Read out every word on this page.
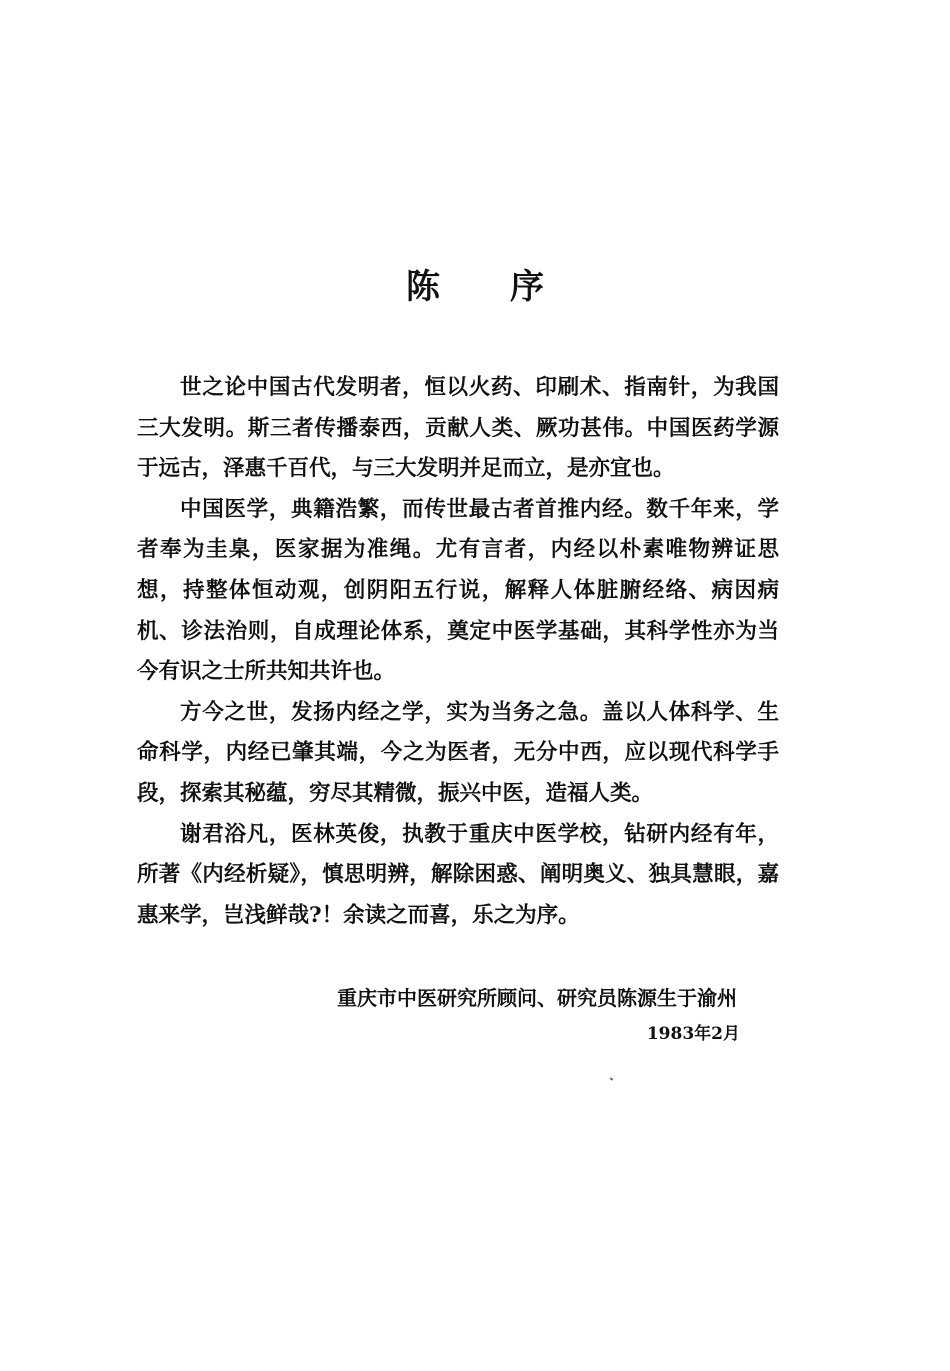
陈 序

世之论中国古代发明者，恒以火药、印刷术、指南针，为我国三大发明。斯三者传播泰西，贡献人类、厥功甚伟。中国医药学源于远古，泽惠千百代，与三大发明并足而立，是亦宜也。

中国医学，典籍浩繁，而传世最古者首推内经。数千年来，学者奉为圭臬，医家据为准绳。尤有言者，内经以朴素唯物辨证思想，持整体恒动观，创阴阳五行说，解释人体脏腑经络、病因病机、诊法治则，自成理论体系，奠定中医学基础，其科学性亦为当今有识之士所共知共许也。

方今之世，发扬内经之学，实为当务之急。盖以人体科学、生命科学，内经已肇其端，今之为医者，无分中西，应以现代科学手段，探索其秘蕴，穷尽其精微，振兴中医，造福人类。

谢君浴凡，医林英俊，执教于重庆中医学校，钻研内经有年，所著《内经析疑》，慎思明辨，解除困惑、阐明奥义、独具慧眼，嘉惠来学，岂浅鲜哉?！余读之而喜，乐之为序。

重庆市中医研究所顾问、研究员陈源生于渝州
1983年2月
